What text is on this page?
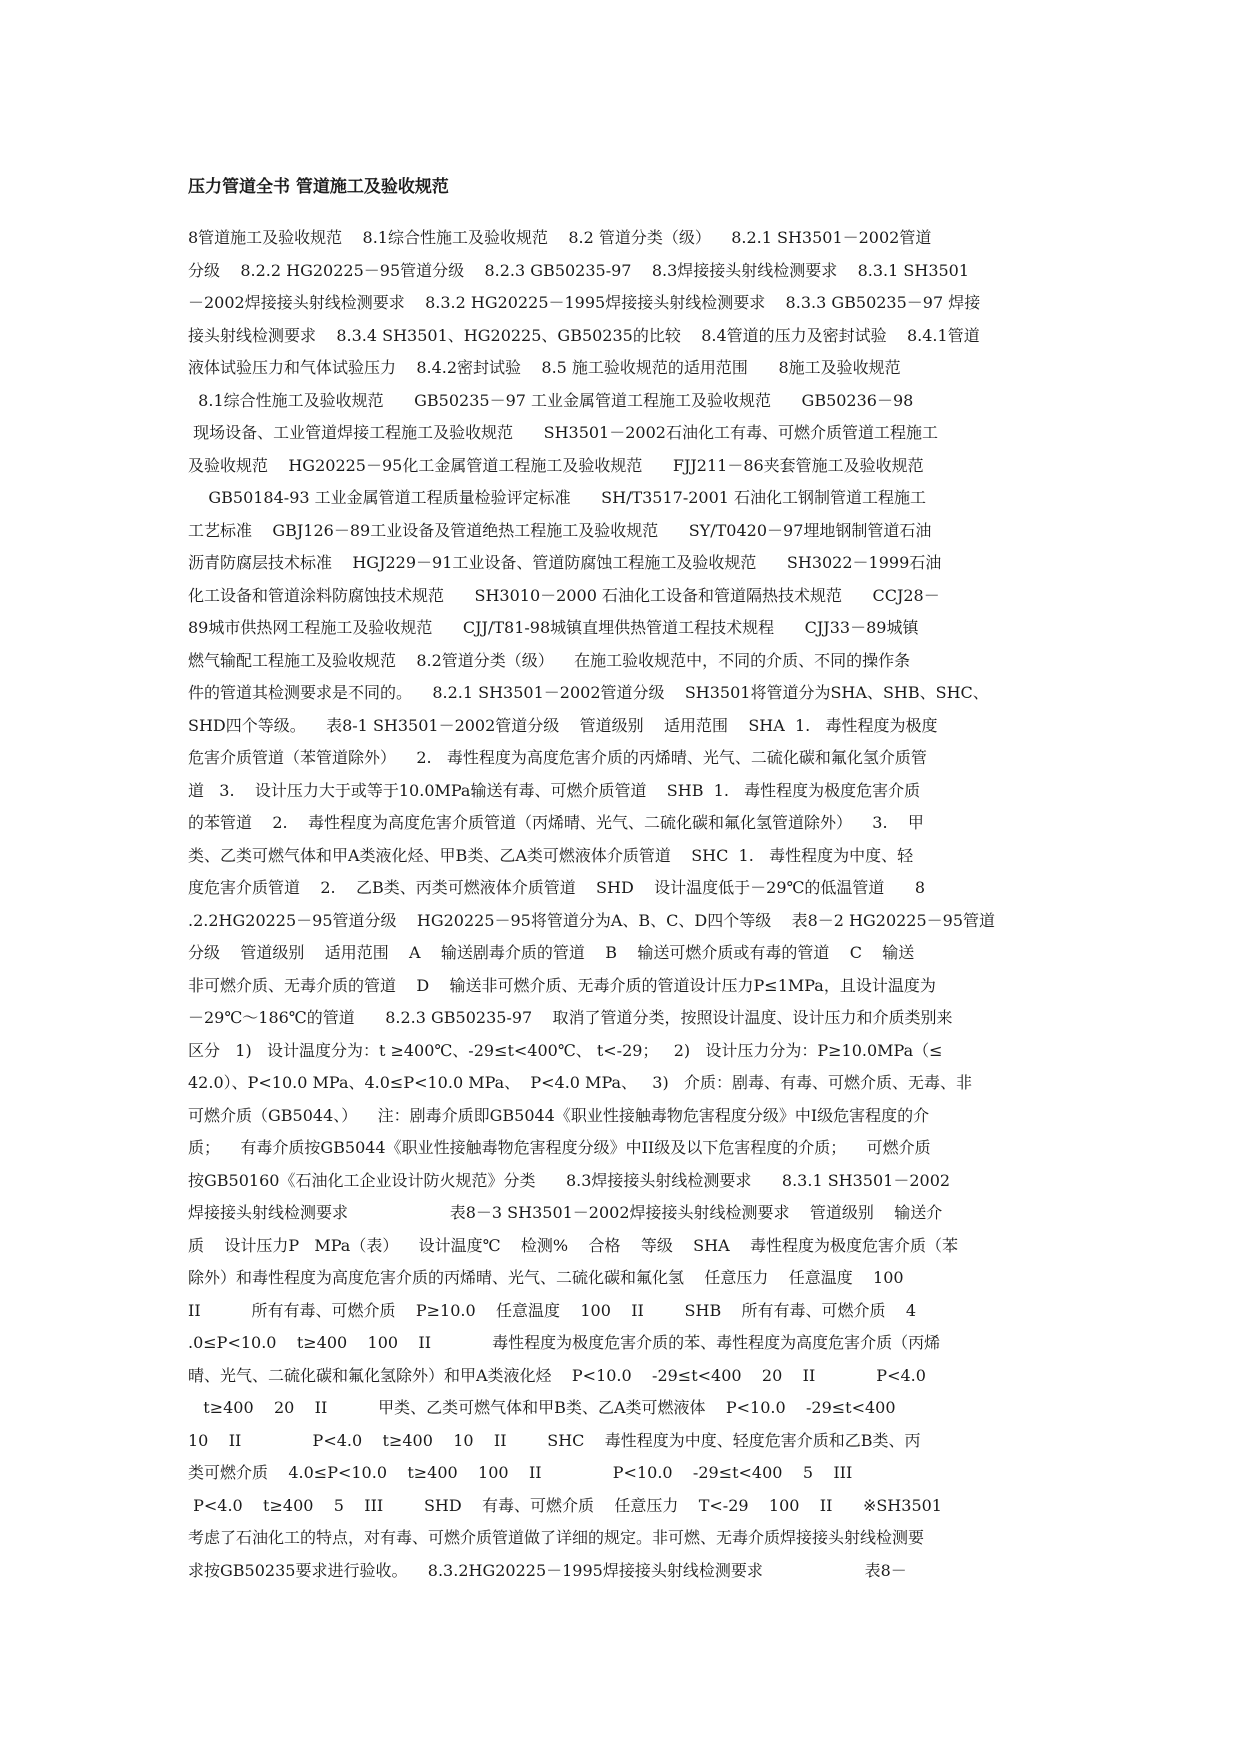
压力管道全书 管道施工及验收规范
8管道施工及验收规范    8.1综合性施工及验收规范    8.2 管道分类（级）    8.2.1 SH3501－2002管道
分级    8.2.2 HG20225－95管道分级    8.2.3 GB50235-97    8.3焊接接头射线检测要求    8.3.1 SH3501
－2002焊接接头射线检测要求    8.3.2 HG20225－1995焊接接头射线检测要求    8.3.3 GB50235－97 焊接
接头射线检测要求    8.3.4 SH3501、HG20225、GB50235的比较    8.4管道的压力及密封试验    8.4.1管道
液体试验压力和气体试验压力    8.4.2密封试验    8.5 施工验收规范的适用范围      8施工及验收规范
8.1综合性施工及验收规范      GB50235－97 工业金属管道工程施工及验收规范      GB50236－98
现场设备、工业管道焊接工程施工及验收规范      SH3501－2002石油化工有毒、可燃介质管道工程施工
及验收规范    HG20225－95化工金属管道工程施工及验收规范      FJJ211－86夹套管施工及验收规范
GB50184-93 工业金属管道工程质量检验评定标准      SH/T3517-2001 石油化工钢制管道工程施工
工艺标准    GBJ126－89工业设备及管道绝热工程施工及验收规范      SY/T0420－97埋地钢制管道石油
沥青防腐层技术标准    HGJ229－91工业设备、管道防腐蚀工程施工及验收规范      SH3022－1999石油
化工设备和管道涂料防腐蚀技术规范      SH3010－2000 石油化工设备和管道隔热技术规范      CCJ28－
89城市供热网工程施工及验收规范      CJJ/T81-98城镇直埋供热管道工程技术规程      CJJ33－89城镇
燃气输配工程施工及验收规范    8.2管道分类（级）    在施工验收规范中，不同的介质、不同的操作条
件的管道其检测要求是不同的。    8.2.1 SH3501－2002管道分级    SH3501将管道分为SHA、SHB、SHC、
SHD四个等级。    表8-1 SH3501－2002管道分级    管道级别    适用范围    SHA  1.   毒性程度为极度
危害介质管道（苯管道除外）    2.   毒性程度为高度危害介质的丙烯晴、光气、二硫化碳和氟化氢介质管
道   3.    设计压力大于或等于10.0MPa输送有毒、可燃介质管道    SHB  1.   毒性程度为极度危害介质
的苯管道    2.    毒性程度为高度危害介质管道（丙烯晴、光气、二硫化碳和氟化氢管道除外）    3.    甲
类、乙类可燃气体和甲A类液化烃、甲B类、乙A类可燃液体介质管道    SHC  1.   毒性程度为中度、轻
度危害介质管道    2.    乙B类、丙类可燃液体介质管道    SHD    设计温度低于－29℃的低温管道      8
.2.2HG20225－95管道分级    HG20225－95将管道分为A、B、C、D四个等级    表8－2 HG20225－95管道
分级    管道级别    适用范围    A    输送剧毒介质的管道    B    输送可燃介质或有毒的管道    C    输送
非可燃介质、无毒介质的管道    D    输送非可燃介质、无毒介质的管道设计压力P≤1MPa，且设计温度为
－29℃～186℃的管道      8.2.3 GB50235-97    取消了管道分类，按照设计温度、设计压力和介质类别来
区分   1)   设计温度分为：t ≥400℃、-29≤t<400℃、 t<-29；   2)   设计压力分为：P≥10.0MPa（≤
42.0）、P<10.0 MPa、4.0≤P<10.0 MPa、  P<4.0 MPa、   3)   介质：剧毒、有毒、可燃介质、无毒、非
可燃介质（GB5044、）    注：剧毒介质即GB5044《职业性接触毒物危害程度分级》中I级危害程度的介
质；    有毒介质按GB5044《职业性接触毒物危害程度分级》中II级及以下危害程度的介质；    可燃介质
按GB50160《石油化工企业设计防火规范》分类      8.3焊接接头射线检测要求      8.3.1 SH3501－2002
焊接接头射线检测要求                    表8－3 SH3501－2002焊接接头射线检测要求    管道级别    输送介
质    设计压力P   MPa（表）    设计温度℃    检测%    合格    等级    SHA    毒性程度为极度危害介质（苯
除外）和毒性程度为高度危害介质的丙烯晴、光气、二硫化碳和氟化氢    任意压力    任意温度    100
II          所有有毒、可燃介质    P≥10.0    任意温度    100    II        SHB    所有有毒、可燃介质    4
.0≤P<10.0    t≥400    100    II            毒性程度为极度危害介质的苯、毒性程度为高度危害介质（丙烯
晴、光气、二硫化碳和氟化氢除外）和甲A类液化烃    P<10.0    -29≤t<400    20    II            P<4.0
t≥400    20    II          甲类、乙类可燃气体和甲B类、乙A类可燃液体    P<10.0    -29≤t<400
10    II              P<4.0    t≥400    10    II        SHC    毒性程度为中度、轻度危害介质和乙B类、丙
类可燃介质    4.0≤P<10.0    t≥400    100    II              P<10.0    -29≤t<400    5    III
P<4.0    t≥400    5    III        SHD    有毒、可燃介质    任意压力    T<-29    100    II      ※SH3501
考虑了石油化工的特点，对有毒、可燃介质管道做了详细的规定。非可燃、无毒介质焊接接头射线检测要
求按GB50235要求进行验收。    8.3.2HG20225－1995焊接接头射线检测要求                    表8－
